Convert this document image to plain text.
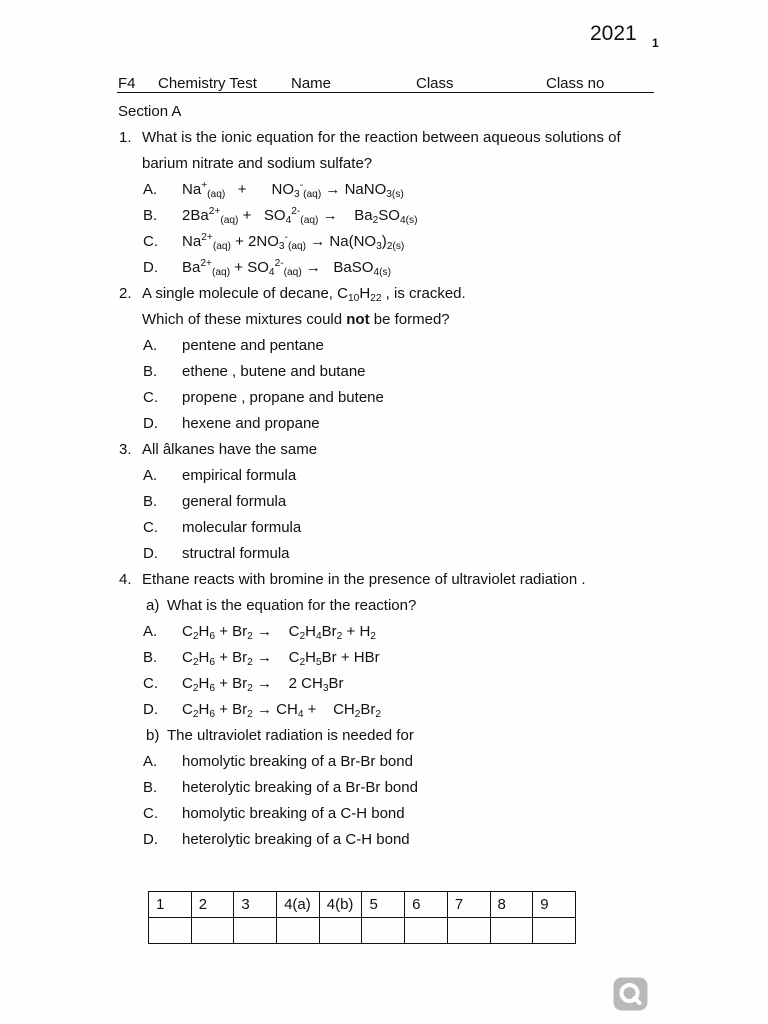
2021 1
F4 Chemistry Test Name	Class	Class no
Section A
1. What is the ionic equation for the reaction between aqueous solutions of
barium nitrate and sodium sulfate?
A. $Na^+_{(aq)}$   +      $NO_3^-_{(aq)}$ → NaNO$_{3(s)}$
B. $2Ba^{2+}_{(aq)} + SO_4^{2-}_{(aq)}$ →    $Ba_2SO_{4(s)}$
C. $Na^{2+}_{(aq)} + 2NO_3^-_{(aq)} \to Na(NO_3)_{2(s)}$
D. $Ba^{2+}_{(aq)} + SO_4^{2-}_{(aq)}$ →   BaSO$_{4(s)}$
2. A single molecule of decane, $C_{10}H_{22}$ , is cracked.
Which of these mixtures could not be formed?
A. pentene and pentane
B. ethene , butene and butane
C. propene , propane and butene
D. hexene and propane
3. All âlkanes have the same
A. empirical formula
B. general formula
C. molecular formula
D. structral formula
4. Ethane reacts with bromine in the presence of ultraviolet radiation .
a) What is the equation for the reaction?
A. $C_2H_6 + Br_2$ →    $C_2H_4Br_2 + H_2$
B. $C_2H_6 + Br_2$ →    $C_2H_5Br$ + HBr
C. $C_2H_6 + Br_2$ →    2 $CH_3Br$
D. $C_2H_6 + Br_2 \to CH_4$ +    $CH_2Br_2$
b) The ultraviolet radiation is needed for
A. homolytic breaking of a Br-Br bond
B. heterolytic breaking of a Br-Br bond
C. homolytic breaking of a C-H bond
D. heterolytic breaking of a C-H bond
1	2	3	4(a)	4(b)	5	6	7	8	9
